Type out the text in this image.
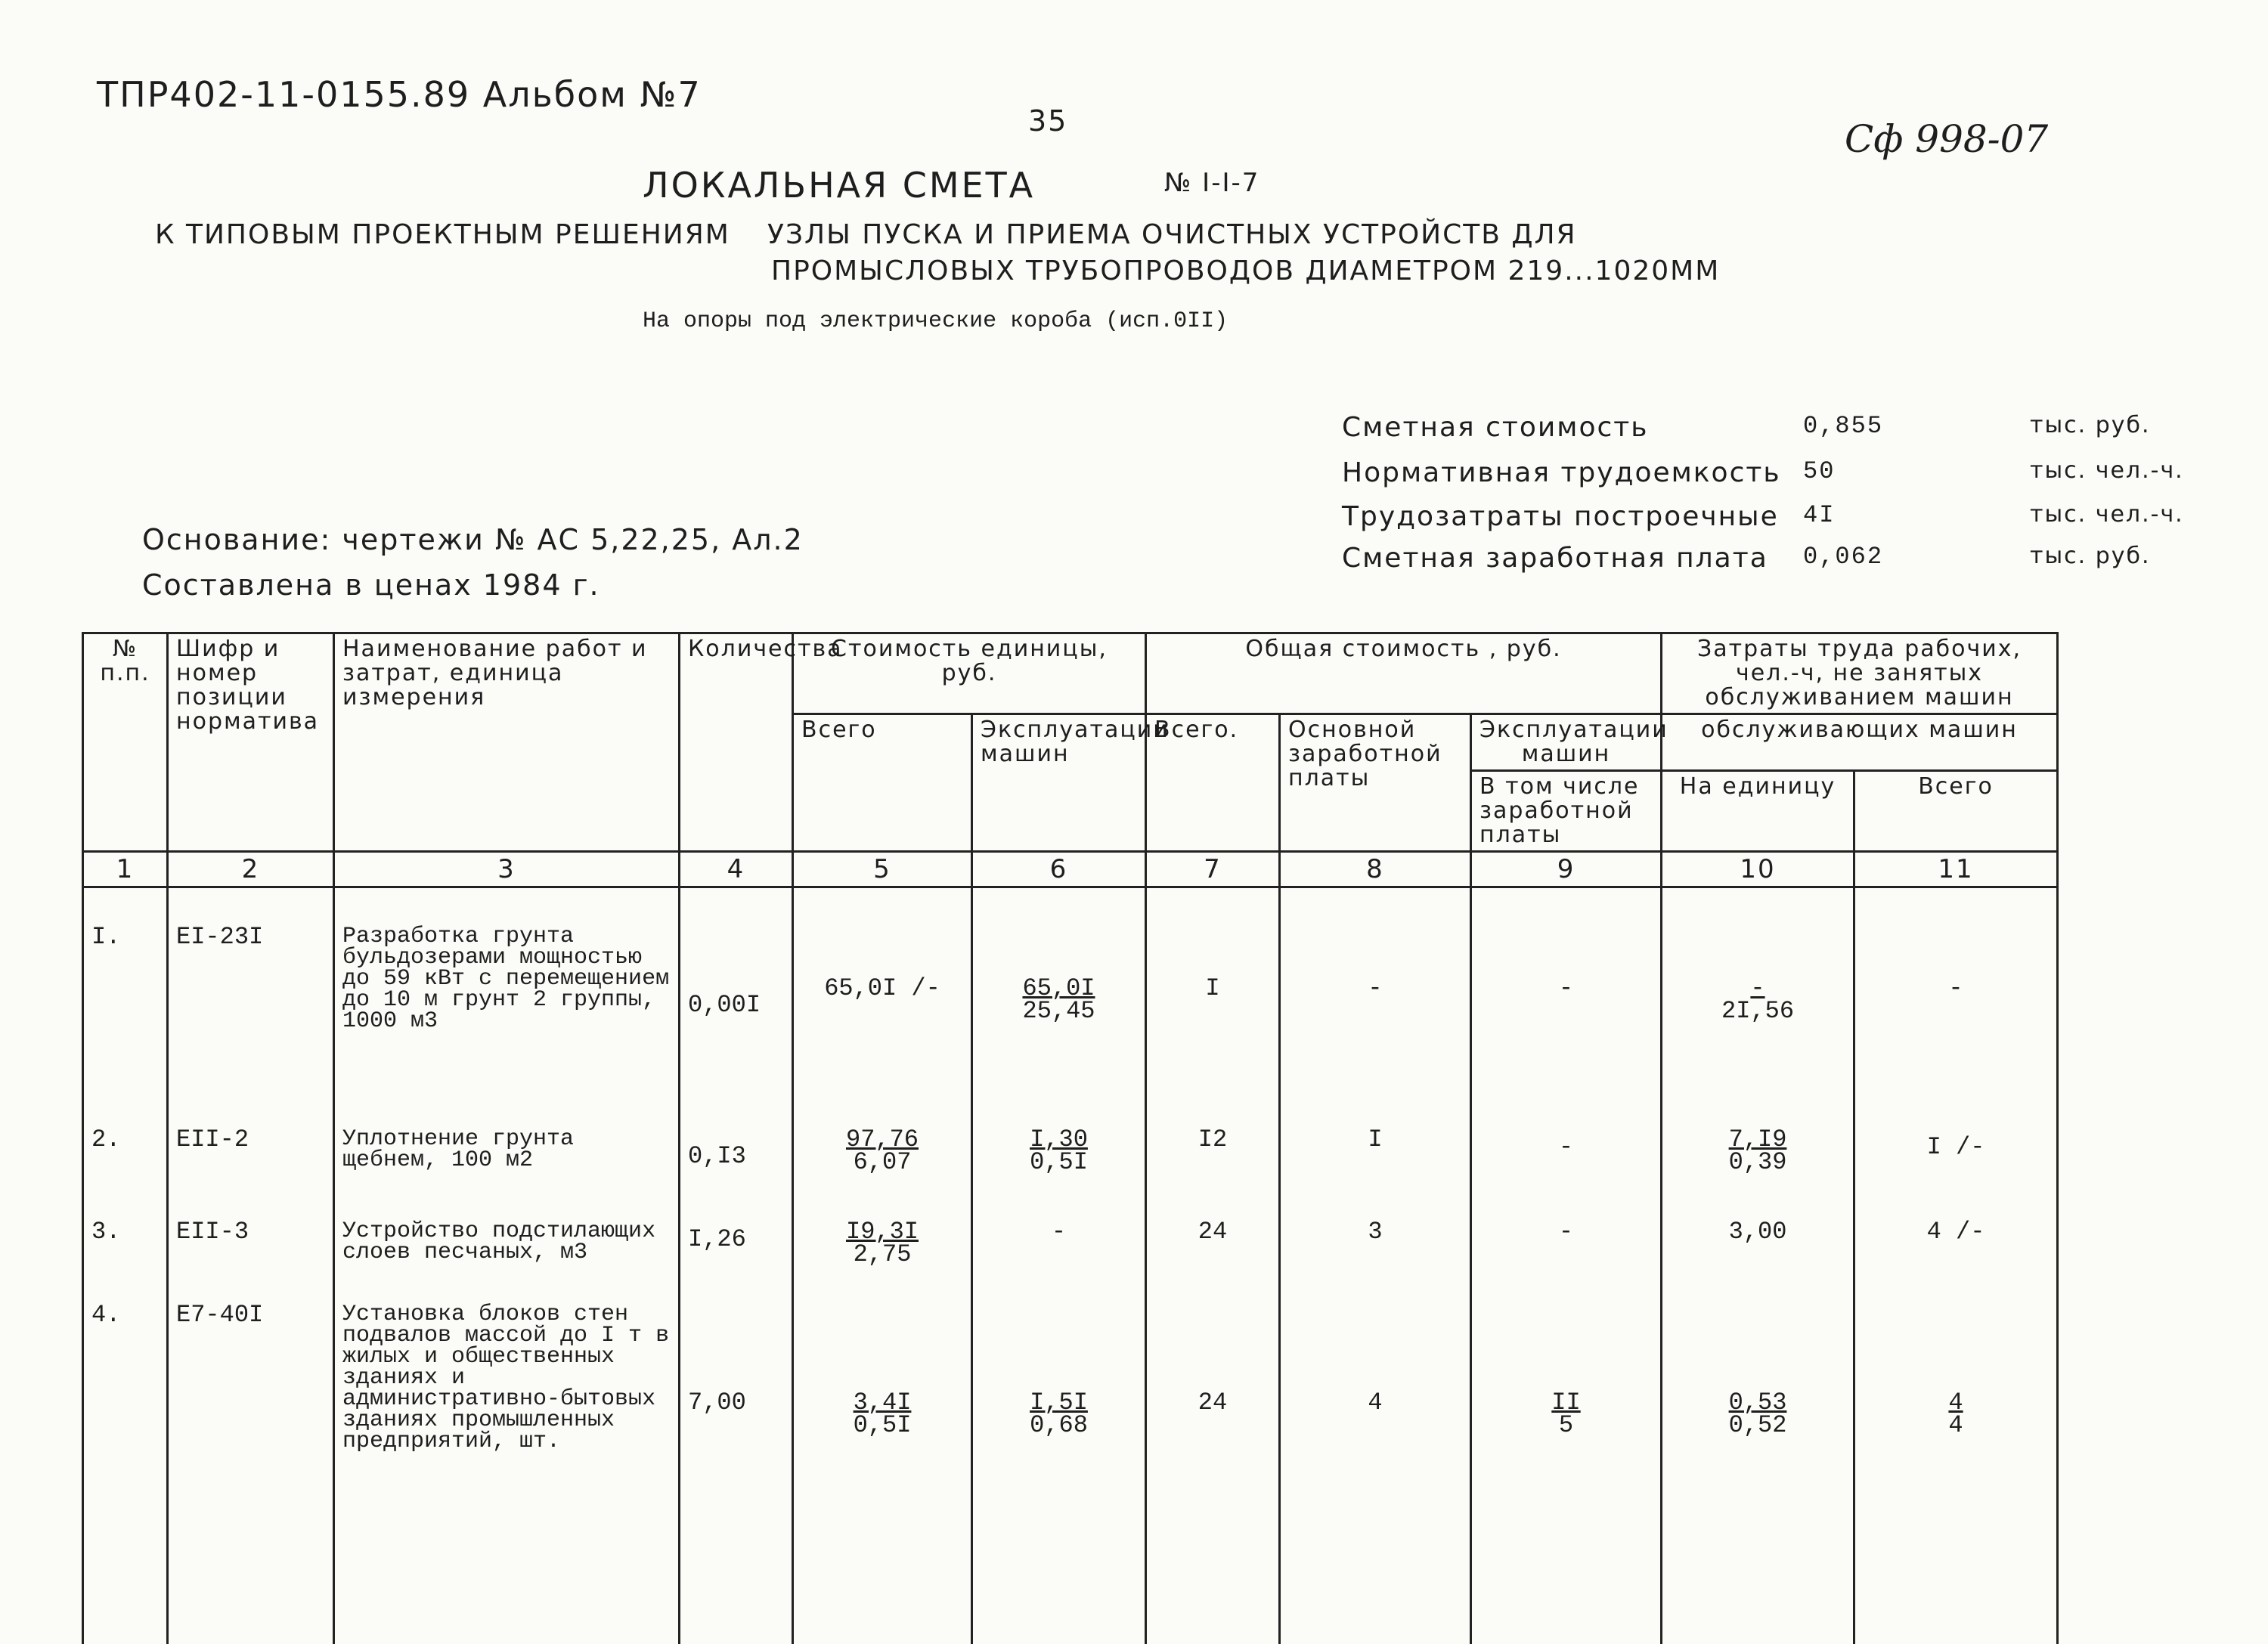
ТПР402-11-0155.89 Альбом №7
35	Сф 998-07
ЛОКАЛЬНАЯ СМЕТА	№ I-I-7
К ТИПОВЫМ ПРОЕКТНЫМ РЕШЕНИЯМ УЗЛЫ ПУСКА И ПРИЕМА ОЧИСТНЫХ УСТРОЙСТВ ДЛЯ
ПРОМЫСЛОВЫХ ТРУБОПРОВОДОВ ДИАМЕТРОМ 219...1020ММ
На опоры под электрические короба (исп.0II)
Основание: чертежи № АС 5,22,25, Ал.2
Составлена в ценах 1984 г.
Сметная стоимость	0,855	тыс. руб.
Нормативная трудоемкость 50	тыс. чел.-ч.
Трудозатраты построечные 4I	тыс. чел.-ч.
Сметная заработная плата 0,062	тыс. руб.
№ п.п.	Шифр и номер позиции норматива	Наименование работ и затрат, единица измерения	Количества	Стоимость единицы, руб.		Общая стоимость , руб.			Затраты труда рабочих, чел.-ч, не занятых обслуживанием машин	
				Всего	Эксплуатации машин	Всего.	Основной заработной платы	Эксплуатации машин	обслуживающих машин	
								В том числе заработной платы	На единицу	Всего
1	2	3	4	5	6	7	8	9	10	11
I.	EI-23I	Разработка грунта бульдозерами мощностью до 59 кВт с перемещением до 10 м грунт 2 группы, 1000 м3	0,00I	65,0I /-	$\frac{65,0I}{25,45}$	I	-	-	$\frac{-}{2I,56}$	-
2.	EII-2	Уплотнение грунта щебнем, 100 м2	0,I3	$\frac{97,76}{6,07}$	$\frac{I,30}{0,5I}$	I2	I	-	$\frac{7,I9}{0,39}$	I /-
3.	EII-3	Устройство подстилающих слоев песчаных, м3	I,26	$\frac{I9,3I}{2,75}$	-	24	3	-	3,00	4 /-
4.	E7-40I	Установка блоков стен подвалов массой до I т в жилых и общественных зданиях и административно-бытовых зданиях промышленных предприятий, шт.	7,00	$\frac{3,4I}{0,5I}$	$\frac{I,5I}{0,68}$	24	4	$\frac{II}{5}$	$\frac{0,53}{0,52}$	$\frac{4}{4}$
